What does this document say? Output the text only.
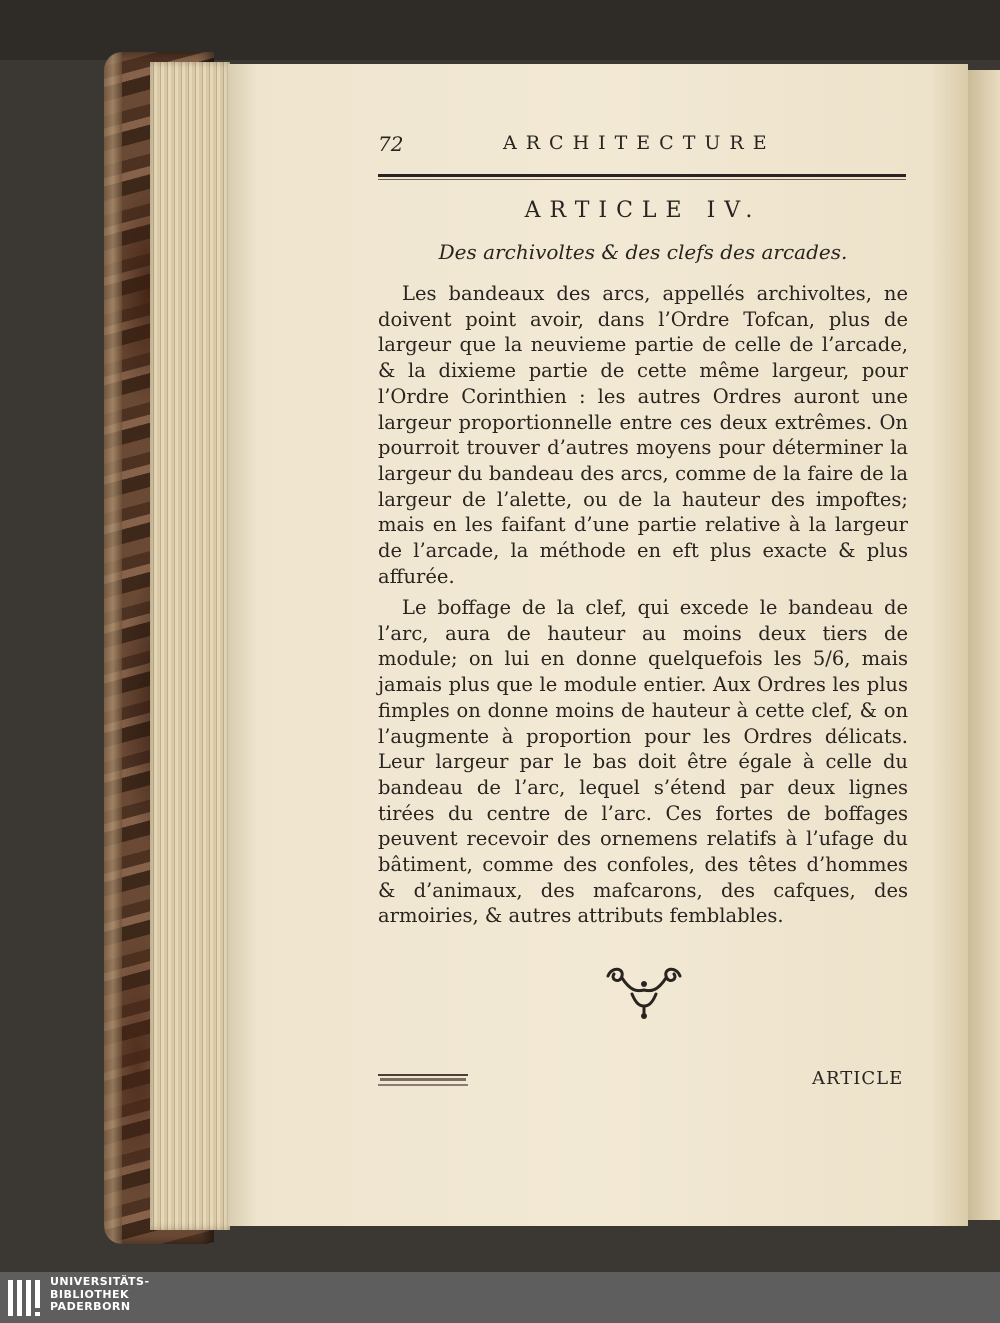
72	ARCHITECTURE
ARTICLE IV.
Des archivoltes & des clefs des arcades.

Les bandeaux des arcs, appellés archivoltes, ne doivent point avoir, dans l’Ordre Tofcan, plus de largeur que la neuvieme partie de celle de l’arcade, & la dixieme partie de cette même largeur, pour l’Ordre Corinthien : les autres Ordres auront une largeur proportionnelle entre ces deux extrêmes. On pourroit trouver d’autres moyens pour déterminer la largeur du bandeau des arcs, comme de la faire de la largeur de l’alette, ou de la hauteur des impoftes; mais en les faifant d’une partie relative à la largeur de l’arcade, la méthode en eft plus exacte & plus affurée.

Le boffage de la clef, qui excede le bandeau de l’arc, aura de hauteur au moins deux tiers de module; on lui en donne quelquefois les 5/6, mais jamais plus que le module entier. Aux Ordres les plus fimples on donne moins de hauteur à cette clef, & on l’augmente à proportion pour les Ordres délicats. Leur largeur par le bas doit être égale à celle du bandeau de l’arc, lequel s’étend par deux lignes tirées du centre de l’arc. Ces fortes de boffages peuvent recevoir des ornemens relatifs à l’ufage du bâtiment, comme des confoles, des têtes d’hommes & d’animaux, des mafcarons, des cafques, des armoiries, & autres attributs femblables.

ARTICLE
UNIVERSITÄTS-
BIBLIOTHEK
PADERBORN
